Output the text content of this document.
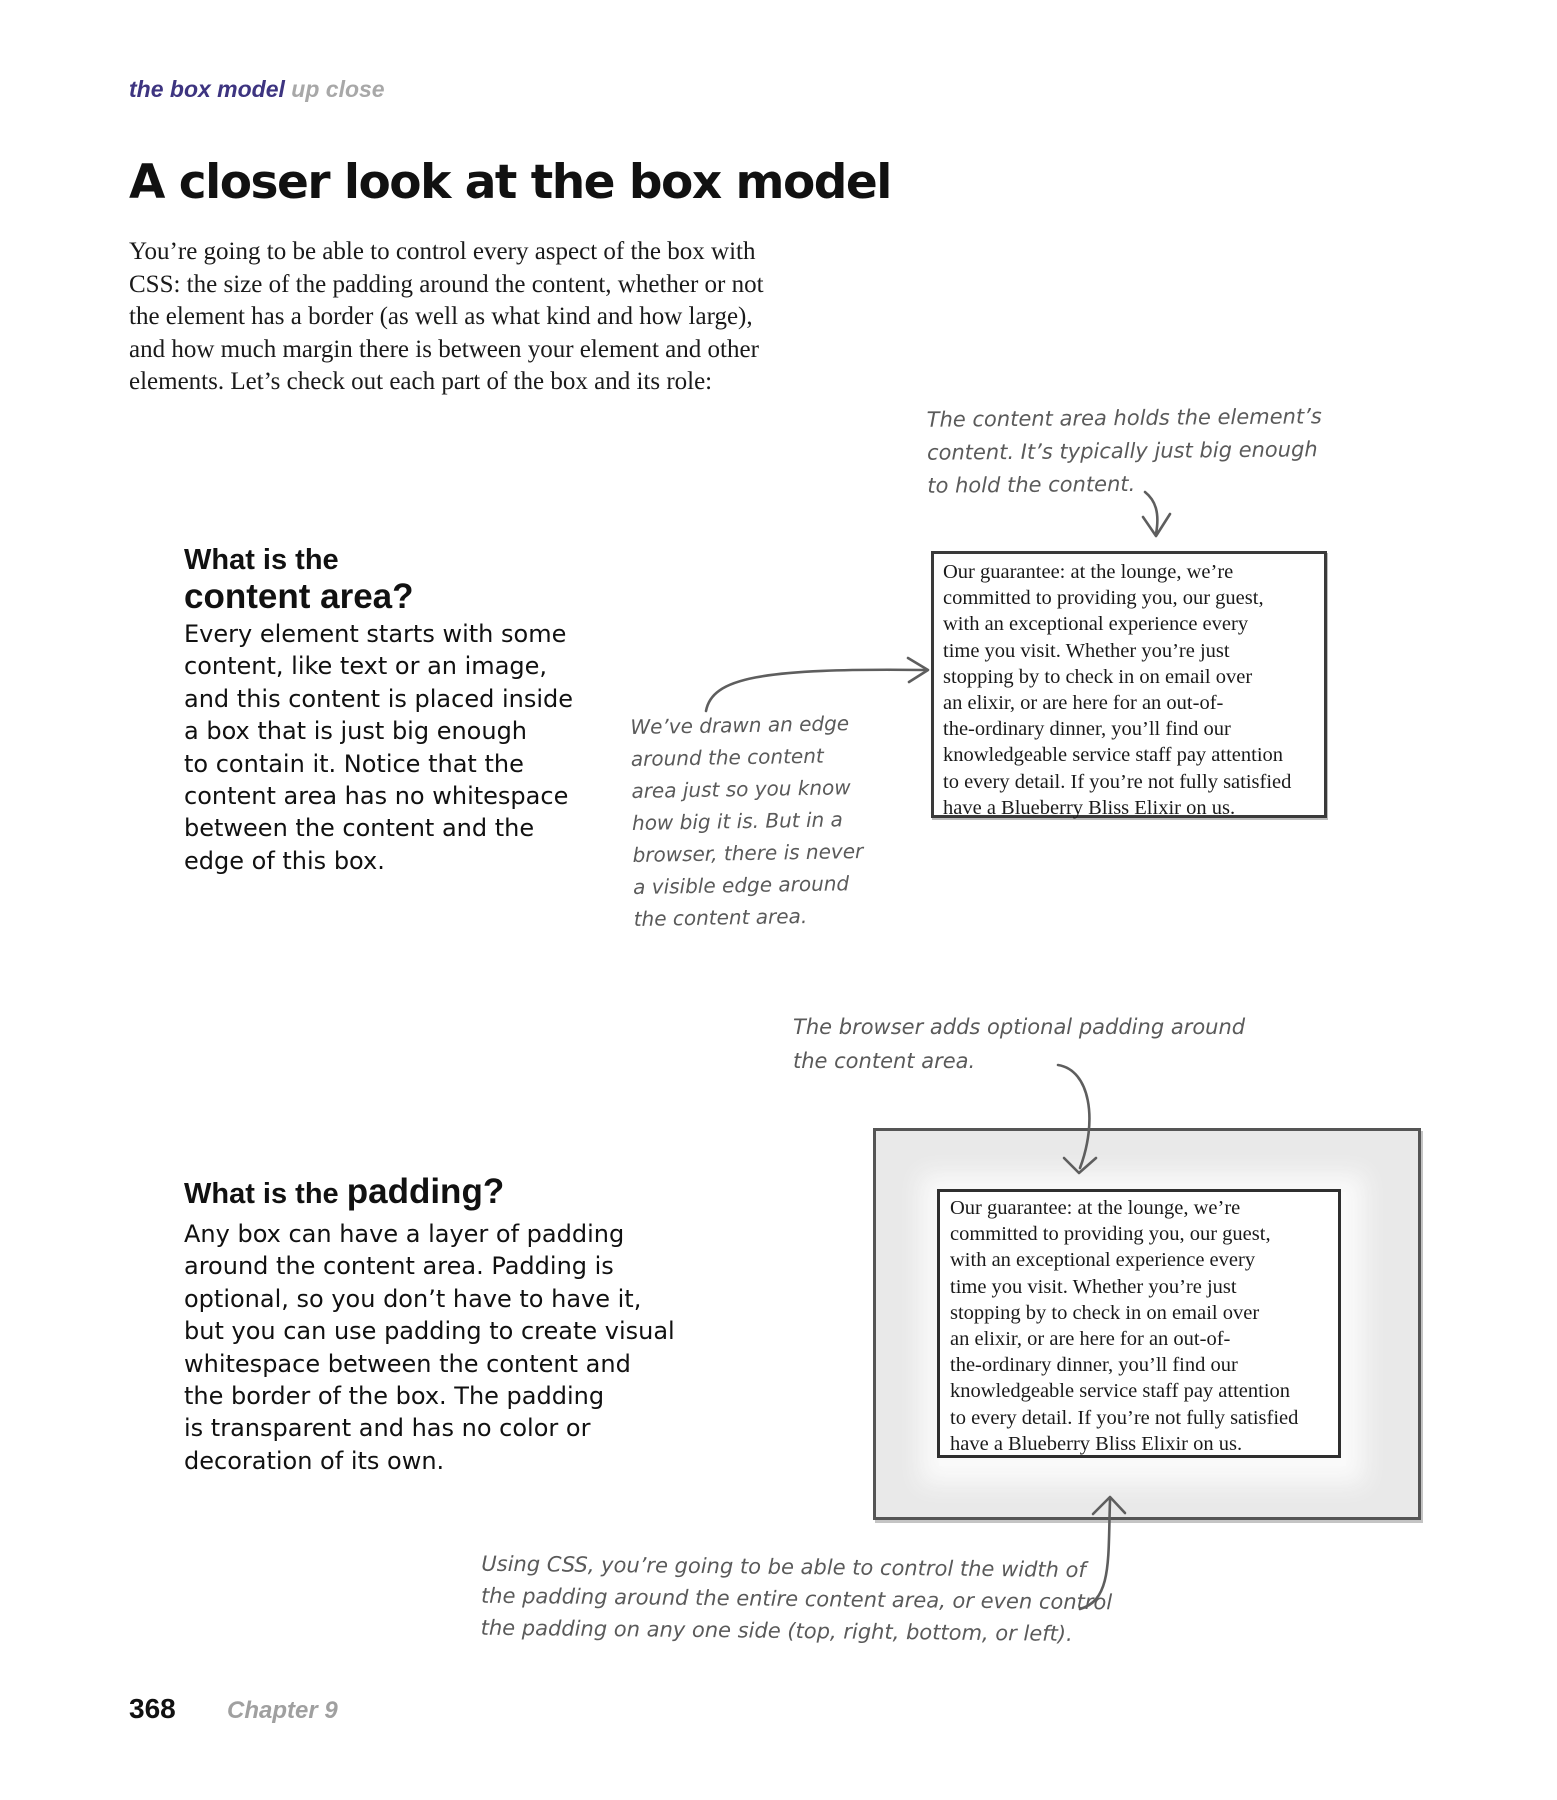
the box model up close
A closer look at the box model

You’re going to be able to control every aspect of the box with

CSS: the size of the padding around the content, whether or not

the element has a border (as well as what kind and how large),

and how much margin there is between your element and other

elements. Let’s check out each part of the box and its role:

The content area holds the element’s

content. It’s typically just big enough

to hold the content.

What is the
content area?

Every element starts with some

content, like text or an image,

and this content is placed inside

a box that is just big enough

to contain it. Notice that the

content area has no whitespace

between the content and the

edge of this box.

We’ve drawn an edge

around the content

area just so you know

how big it is. But in a

browser, there is never

a visible edge around

the content area.

Our guarantee: at the lounge, we’re

committed to providing you, our guest,

with an exceptional experience every

time you visit. Whether you’re just

stopping by to check in on email over

an elixir, or are here for an out-of-

the-ordinary dinner, you’ll find our

knowledgeable service staff pay attention

to every detail. If you’re not fully satisfied

have a Blueberry Bliss Elixir on us.

The browser adds optional padding around

the content area.

What is the padding?

Any box can have a layer of padding

around the content area. Padding is

optional, so you don’t have to have it,

but you can use padding to create visual

whitespace between the content and

the border of the box. The padding

is transparent and has no color or

decoration of its own.

Our guarantee: at the lounge, we’re

committed to providing you, our guest,

with an exceptional experience every

time you visit. Whether you’re just

stopping by to check in on email over

an elixir, or are here for an out-of-

the-ordinary dinner, you’ll find our

knowledgeable service staff pay attention

to every detail. If you’re not fully satisfied

have a Blueberry Bliss Elixir on us.

Using CSS, you’re going to be able to control the width of

the padding around the entire content area, or even control

the padding on any one side (top, right, bottom, or left).

368 Chapter 9
